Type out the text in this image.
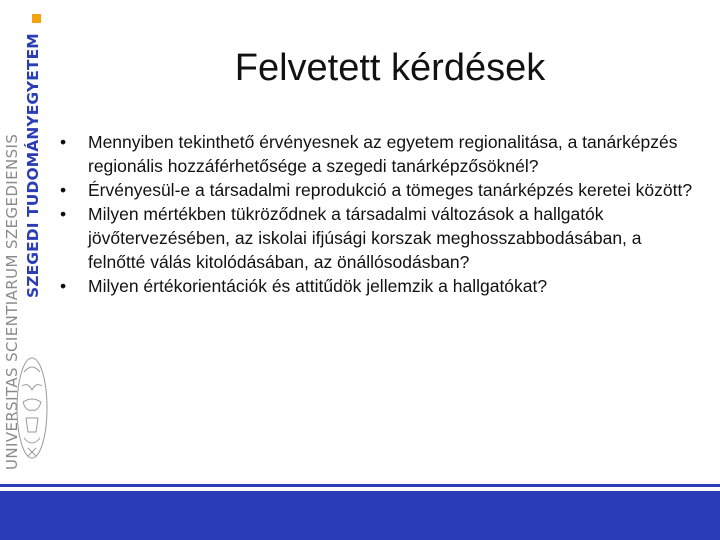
SZEGEDI TUDOMÁNYEGYETEM
UNIVERSITAS SCIENTIARUM SZEGEDIENSIS
Felvetett kérdések
• Mennyiben tekinthető érvényesnek az egyetem regionalitása, a tanárképzés regionális hozzáférhetősége a szegedi tanárképzősöknél?
• Érvényesül-e a társadalmi reprodukció a tömeges tanárképzés keretei között?
• Milyen mértékben tükröződnek a társadalmi változások a hallgatók jövőtervezésében, az iskolai ifjúsági korszak meghosszabbodásában, a felnőtté válás kitolódásában, az önállósodásban?
• Milyen értékorientációk és attitűdök jellemzik a hallgatókat?
